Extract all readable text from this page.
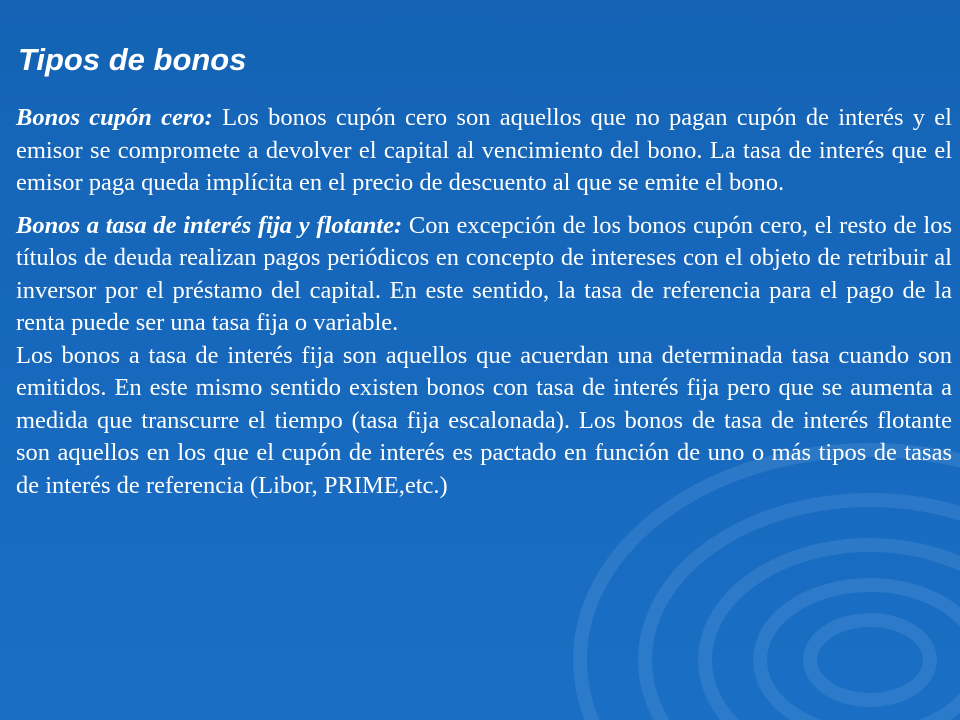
Tipos de bonos

Bonos cupón cero: Los bonos cupón cero son aquellos que no pagan cupón de interés y el emisor se compromete a devolver el capital al vencimiento del bono. La tasa de interés que el emisor paga queda implícita en el precio de descuento al que se emite el bono.

Bonos a tasa de interés fija y flotante: Con excepción de los bonos cupón cero, el resto de los títulos de deuda realizan pagos periódicos en concepto de intereses con el objeto de retribuir al inversor por el préstamo del capital. En este sentido, la tasa de referencia para el pago de la renta puede ser una tasa fija o variable.

Los bonos a tasa de interés fija son aquellos que acuerdan una determinada tasa cuando son emitidos. En este mismo sentido existen bonos con tasa de interés fija pero que se aumenta a medida que transcurre el tiempo (tasa fija escalonada). Los bonos de tasa de interés flotante son aquellos en los que el cupón de interés es pactado en función de uno o más tipos de tasas de interés de referencia (Libor, PRIME,etc.)
